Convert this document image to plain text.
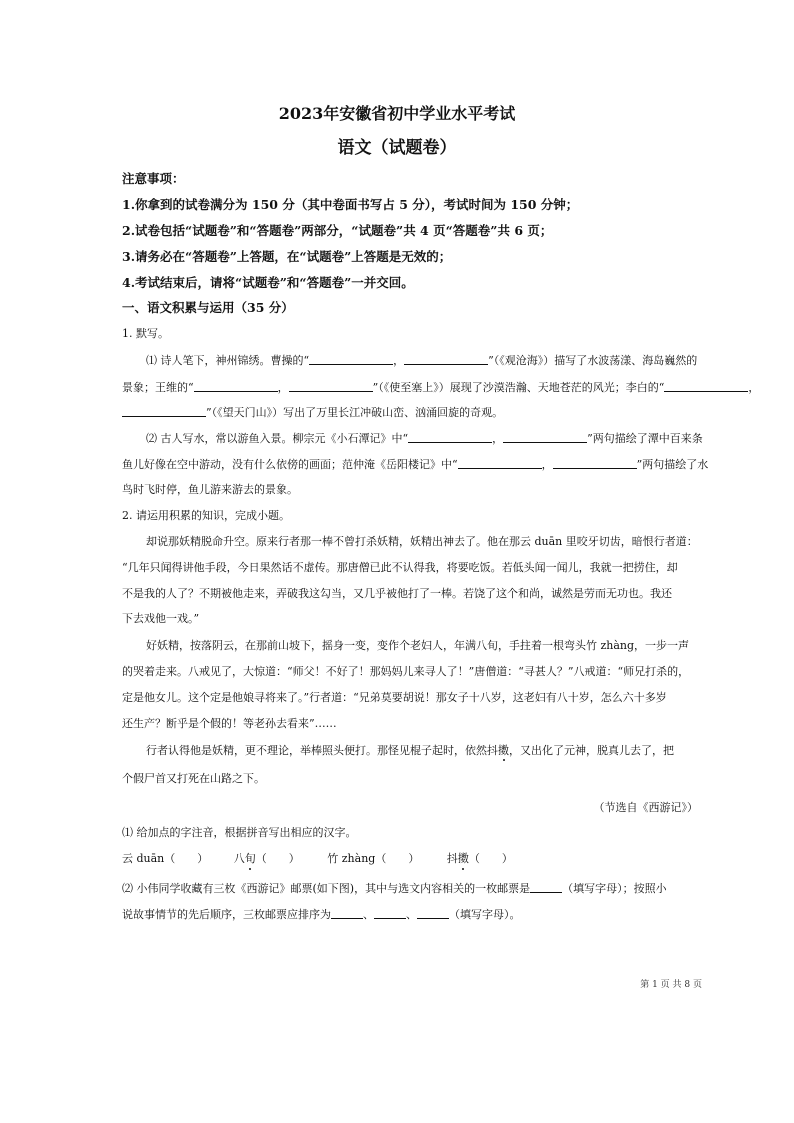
2023年安徽省初中学业水平考试
语文（试题卷）
注意事项：
1.你拿到的试卷满分为 150 分（其中卷面书写占 5 分），考试时间为 150 分钟；
2.试卷包括“试题卷”和“答题卷”两部分，“试题卷”共 4 页“答题卷”共 6 页；
3.请务必在“答题卷”上答题，在“试题卷”上答题是无效的；
4.考试结束后，请将“试题卷”和“答题卷”一并交回。
一、语文积累与运用（35 分）
1. 默写。
⑴ 诗人笔下，神州锦绣。曹操的“	，	”（《观沧海》）描写了水波荡漾、海岛巍然的
景象；王维的“	，	”（《使至塞上》）展现了沙漠浩瀚、天地苍茫的风光；李白的“	，
”（《望天门山》）写出了万里长江冲破山峦、汹涌回旋的奇观。
⑵ 古人写水，常以游鱼入景。柳宗元《小石潭记》中“	，	”两句描绘了潭中百来条
鱼儿好像在空中游动，没有什么依傍的画面；范仲淹《岳阳楼记》中“	，	”两句描绘了水
鸟时飞时停，鱼儿游来游去的景象。
2. 请运用积累的知识，完成小题。
却说那妖精脱命升空。原来行者那一棒不曾打杀妖精，妖精出神去了。他在那云 duān 里咬牙切齿，暗恨行者道：
“几年只闻得讲他手段，今日果然话不虚传。那唐僧已此不认得我，将要吃饭。若低头闻一闻儿，我就一把捞住，却
不是我的人了？不期被他走来，弄破我这勾当，又几乎被他打了一棒。若饶了这个和尚，诚然是劳而无功也。我还
下去戏他一戏。”
好妖精，按落阴云，在那前山坡下，摇身一变，变作个老妇人，年满八旬，手拄着一根弯头竹 zhàng，一步一声
的哭着走来。八戒见了，大惊道：“师父！不好了！那妈妈儿来寻人了！”唐僧道：“寻甚人？”八戒道：“师兄打杀的，
定是他女儿。这个定是他娘寻将来了。”行者道：“兄弟莫要胡说！那女子十八岁，这老妇有八十岁，怎么六十多岁
还生产？断乎是个假的！等老孙去看来”……
行者认得他是妖精，更不理论，举棒照头便打。那怪见棍子起时，依然抖擞，又出化了元神，脱真儿去了，把
个假尸首又打死在山路之下。
（节选自《西游记》）
⑴ 给加点的字注音，根据拼音写出相应的汉字。
云 duān（　　） 八旬（　　）	竹 zhàng（　　）	抖擞（　　）
⑵ 小伟同学收藏有三枚《西游记》邮票(如下图)，其中与选文内容相关的一枚邮票是	（填写字母）；按照小
说故事情节的先后顺序，三枚邮票应排序为	、	、	（填写字母）。
第 1 页 共 8 页
